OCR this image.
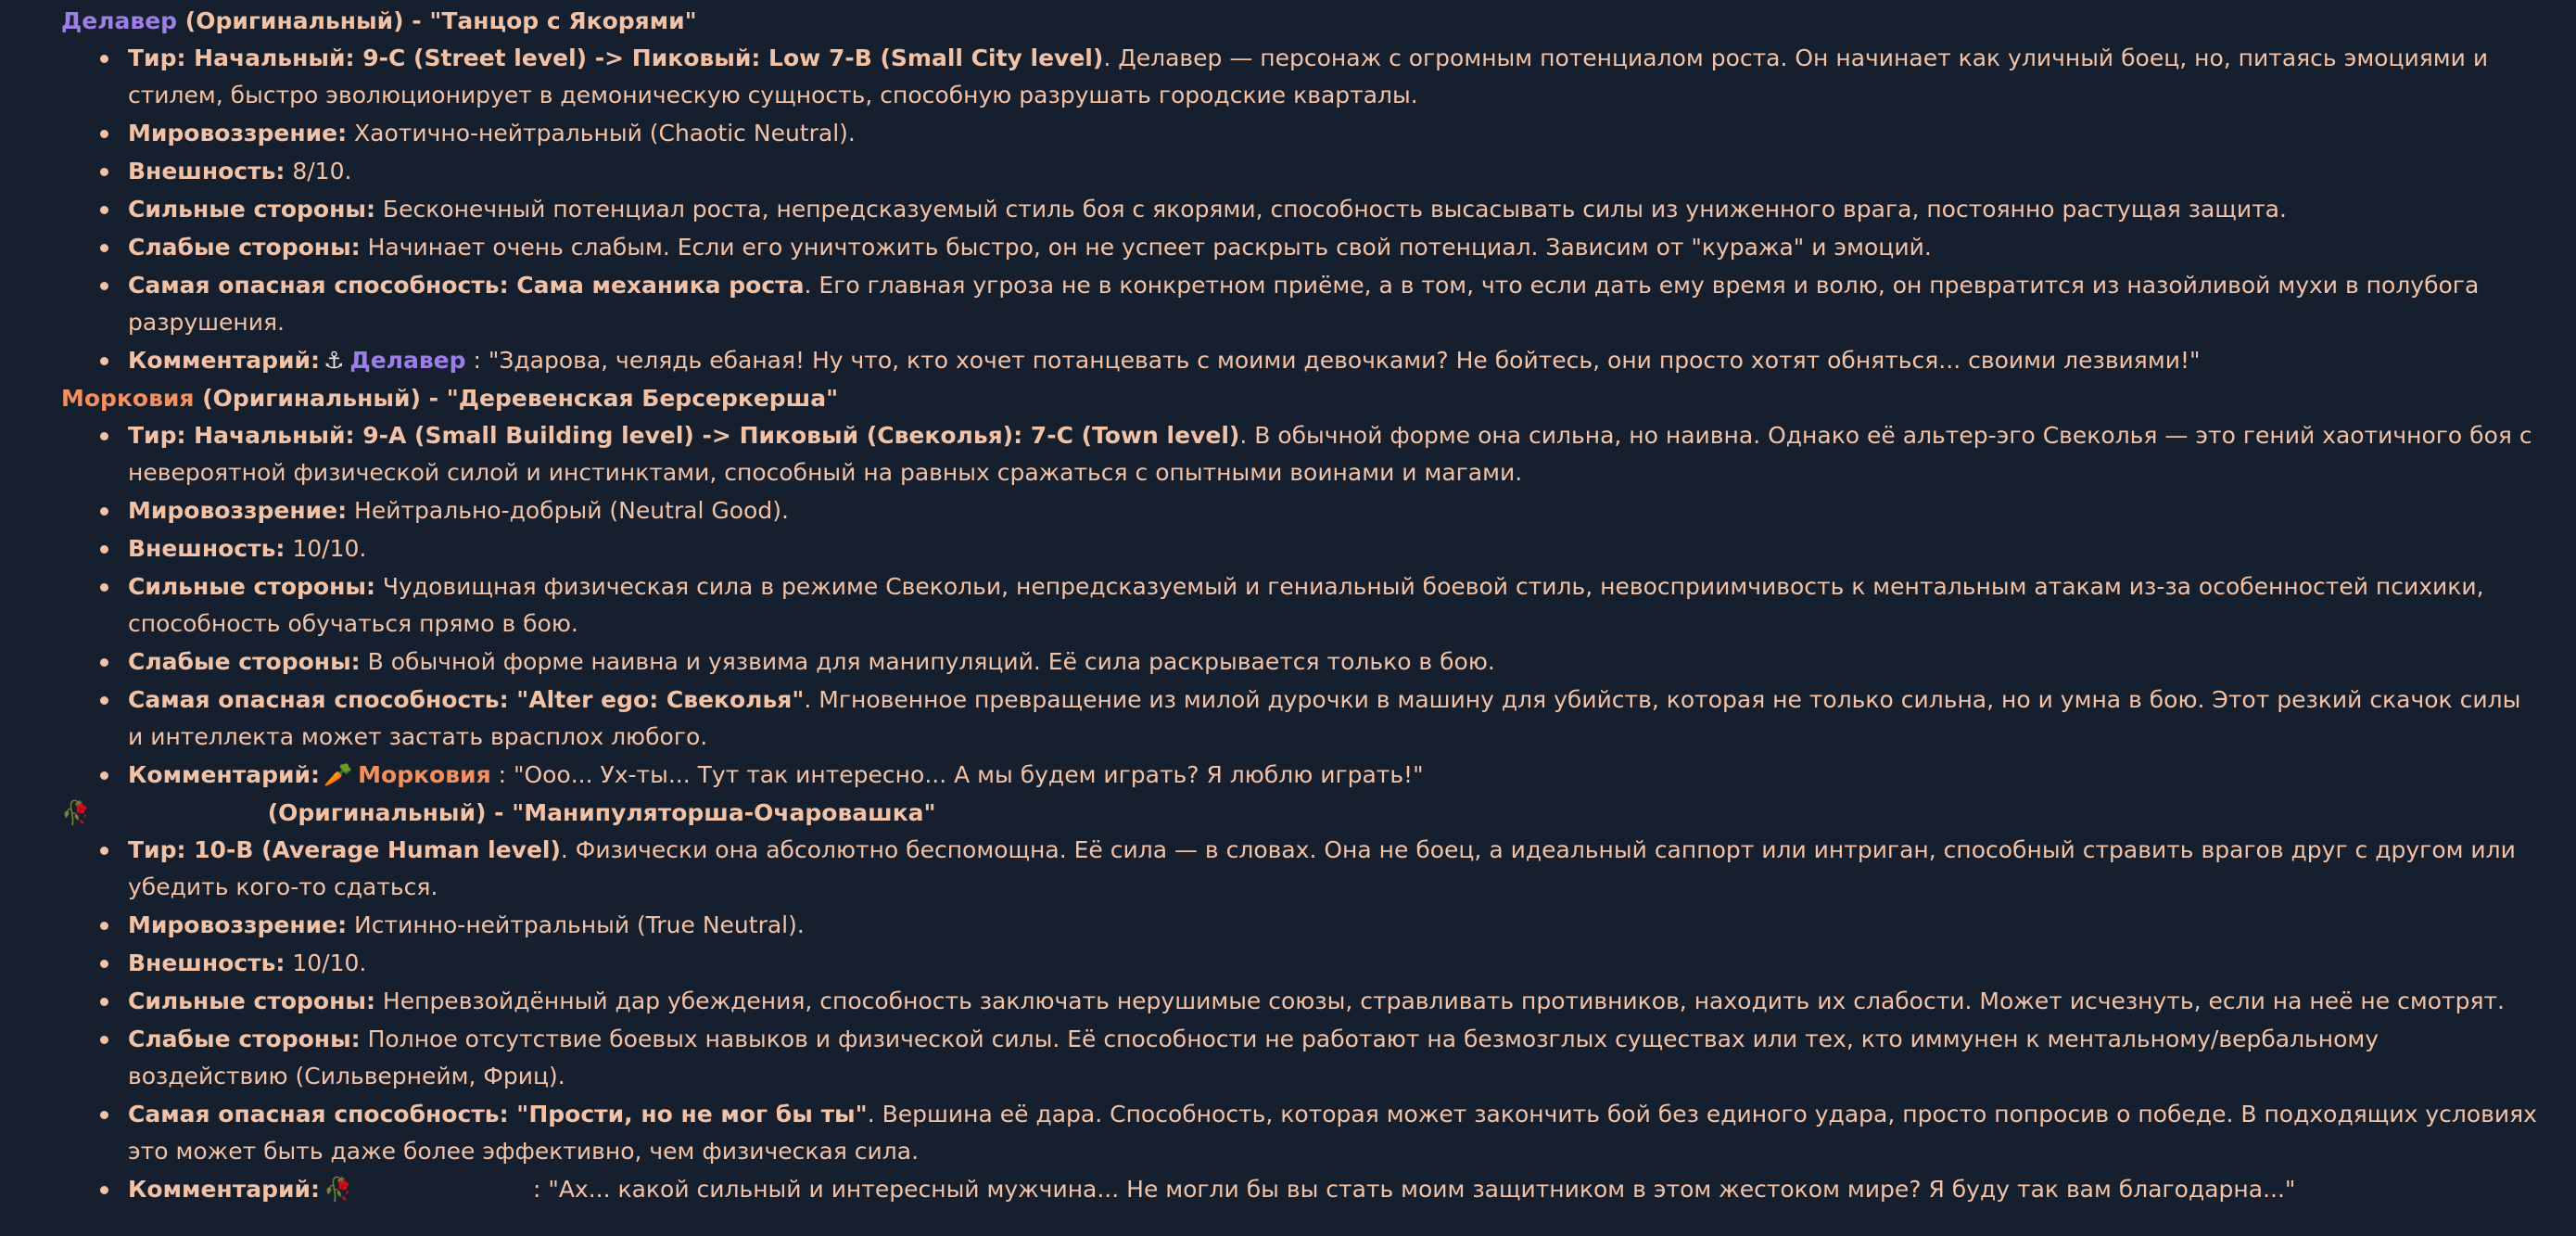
Делавер (Оригинальный) - "Танцор с Якорями"
Тир: Начальный: 9-C (Street level) -> Пиковый: Low 7-B (Small City level). Делавер — персонаж с огромным потенциалом роста. Он начинает как уличный боец, но, питаясь эмоциями и стилем, быстро эволюционирует в демоническую сущность, способную разрушать городские кварталы.
Мировоззрение: Хаотично-нейтральный (Chaotic Neutral).
Внешность: 8/10.
Сильные стороны: Бесконечный потенциал роста, непредсказуемый стиль боя с якорями, способность высасывать силы из униженного врага, постоянно растущая защита.
Слабые стороны: Начинает очень слабым. Если его уничтожить быстро, он не успеет раскрыть свой потенциал. Зависим от "куража" и эмоций.
Самая опасная способность: Сама механика роста. Его главная угроза не в конкретном приёме, а в том, что если дать ему время и волю, он превратится из назойливой мухи в полубога разрушения.
Комментарий: ⚓ Делавер : "Здарова, челядь ебаная! Ну что, кто хочет потанцевать с моими девочками? Не бойтесь, они просто хотят обняться... своими лезвиями!"
Морковия (Оригинальный) - "Деревенская Берсеркерша"
Тир: Начальный: 9-A (Small Building level) -> Пиковый (Свеколья): 7-C (Town level). В обычной форме она сильна, но наивна. Однако её альтер-эго Свеколья — это гений хаотичного боя с невероятной физической силой и инстинктами, способный на равных сражаться с опытными воинами и магами.
Мировоззрение: Нейтрально-добрый (Neutral Good).
Внешность: 10/10.
Сильные стороны: Чудовищная физическая сила в режиме Свекольи, непредсказуемый и гениальный боевой стиль, невосприимчивость к ментальным атакам из-за особенностей психики, способность обучаться прямо в бою.
Слабые стороны: В обычной форме наивна и уязвима для манипуляций. Её сила раскрывается только в бою.
Самая опасная способность: "Alter ego: Свеколья". Мгновенное превращение из милой дурочки в машину для убийств, которая не только сильна, но и умна в бою. Этот резкий скачок силы и интеллекта может застать врасплох любого.
Комментарий: 🥕 Морковия : "Ооо... Ух-ты... Тут так интересно... А мы будем играть? Я люблю играть!"
🥀Черная Роза (Оригинальный) - "Манипуляторша-Очаровашка"
Тир: 10-B (Average Human level). Физически она абсолютно беспомощна. Её сила — в словах. Она не боец, а идеальный саппорт или интриган, способный стравить врагов друг с другом или убедить кого-то сдаться.
Мировоззрение: Истинно-нейтральный (True Neutral).
Внешность: 10/10.
Сильные стороны: Непревзойдённый дар убеждения, способность заключать нерушимые союзы, стравливать противников, находить их слабости. Может исчезнуть, если на неё не смотрят.
Слабые стороны: Полное отсутствие боевых навыков и физической силы. Её способности не работают на безмозглых существах или тех, кто иммунен к ментальному/вербальному воздействию (Сильвернейм, Фриц).
Самая опасная способность: "Прости, но не мог бы ты". Вершина её дара. Способность, которая может закончить бой без единого удара, просто попросив о победе. В подходящих условиях это может быть даже более эффективно, чем физическая сила.
Комментарий: 🥀 Черная Роза : "Ах... какой сильный и интересный мужчина... Не могли бы вы стать моим защитником в этом жестоком мире? Я буду так вам благодарна..."
